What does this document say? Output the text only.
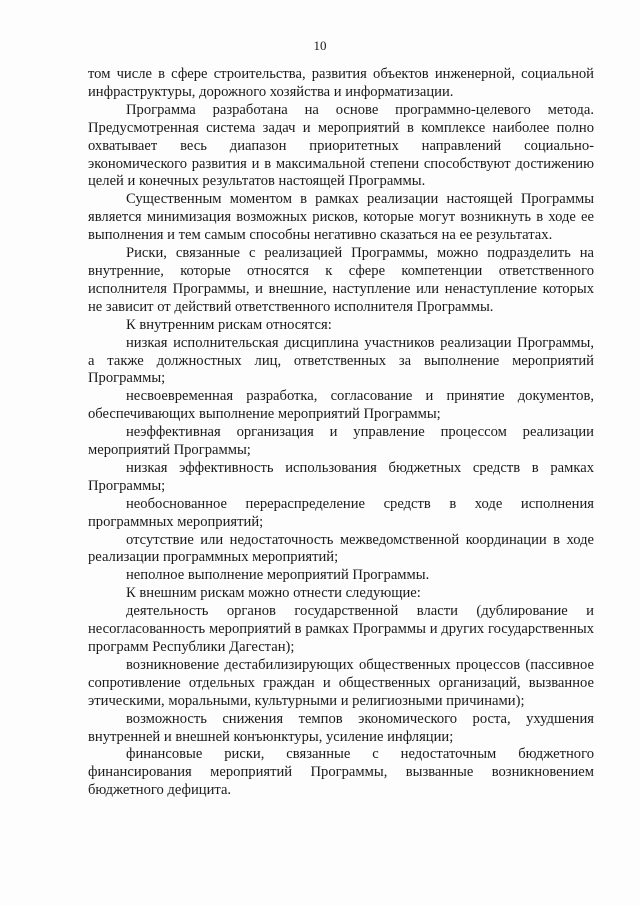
10

том числе в сфере строительства, развития объектов инженерной, социальной инфраструктуры, дорожного хозяйства и информатизации.

Программа разработана на основе программно-целевого метода. Предусмотренная система задач и мероприятий в комплексе наиболее полно охватывает весь диапазон приоритетных направлений социально-экономического развития и в максимальной степени способствуют достижению целей и конечных результатов настоящей Программы.

Существенным моментом в рамках реализации настоящей Программы является минимизация возможных рисков, которые могут возникнуть в ходе ее выполнения и тем самым способны негативно сказаться на ее результатах.

Риски, связанные с реализацией Программы, можно подразделить на внутренние, которые относятся к сфере компетенции ответственного исполнителя Программы, и внешние, наступление или ненаступление которых не зависит от действий ответственного исполнителя Программы.

К внутренним рискам относятся:

низкая исполнительская дисциплина участников реализации Программы, а также должностных лиц, ответственных за выполнение мероприятий Программы;

несвоевременная разработка, согласование и принятие документов, обеспечивающих выполнение мероприятий Программы;

неэффективная организация и управление процессом реализации мероприятий Программы;

низкая эффективность использования бюджетных средств в рамках Программы;

необоснованное перераспределение средств в ходе исполнения программных мероприятий;

отсутствие или недостаточность межведомственной координации в ходе реализации программных мероприятий;

неполное выполнение мероприятий Программы.

К внешним рискам можно отнести следующие:

деятельность органов государственной власти (дублирование и несогласованность мероприятий в рамках Программы и других государственных программ Республики Дагестан);

возникновение дестабилизирующих общественных процессов (пассивное сопротивление отдельных граждан и общественных организаций, вызванное этическими, моральными, культурными и религиозными причинами);

возможность снижения темпов экономического роста, ухудшения внутренней и внешней конъюнктуры, усиление инфляции;

финансовые риски, связанные с недостаточным бюджетного финансирования мероприятий Программы, вызванные возникновением бюджетного дефицита.
